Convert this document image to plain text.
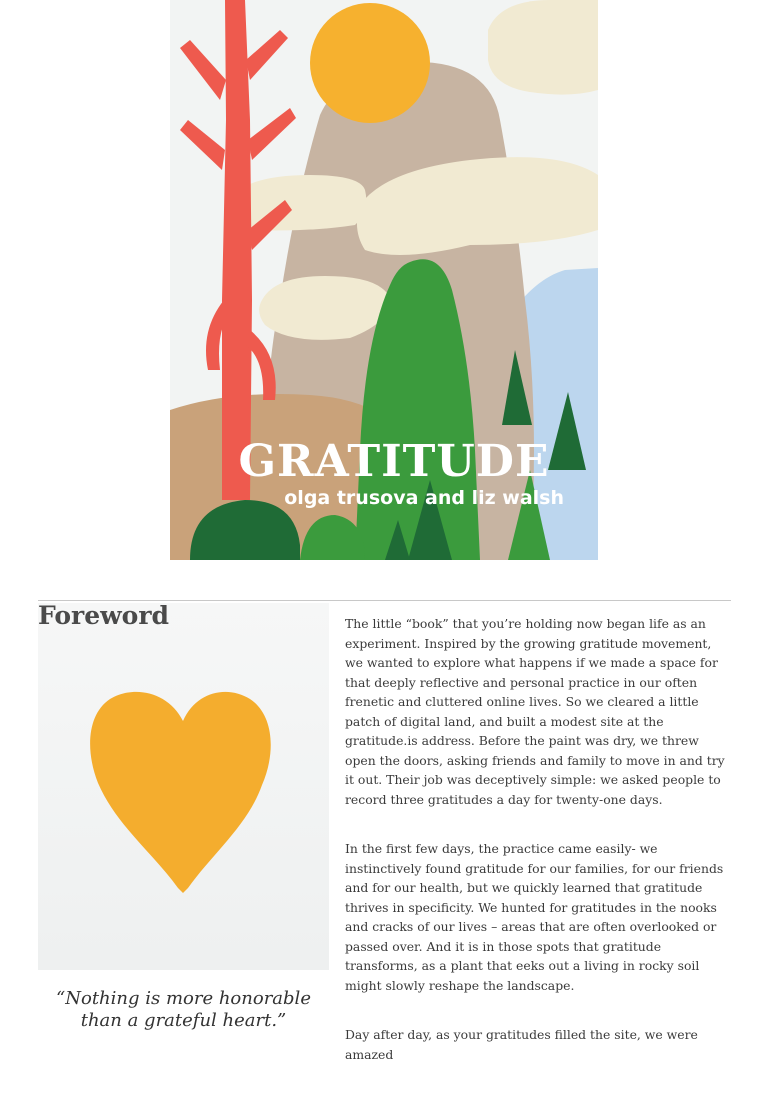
GRATITUDE
olga trusova and liz walsh
Foreword
“Nothing is more honorable
than a grateful heart.”

The little “book” that you’re holding now began life as an experiment. Inspired by the growing gratitude movement, we wanted to explore what happens if we made a space for that deeply reflective and personal practice in our often frenetic and cluttered online lives. So we cleared a little patch of digital land, and built a modest site at the gratitude.is address. Before the paint was dry, we threw open the doors, asking friends and family to move in and try it out. Their job was deceptively simple: we asked people to record three gratitudes a day for twenty-one days.

In the first few days, the practice came easily- we instinctively found gratitude for our families, for our friends and for our health, but we quickly learned that gratitude thrives in specificity. We hunted for gratitudes in the nooks and cracks of our lives – areas that are often overlooked or passed over. And it is in those spots that gratitude transforms, as a plant that eeks out a living in rocky soil might slowly reshape the landscape.

Day after day, as your gratitudes filled the site, we were amazed
